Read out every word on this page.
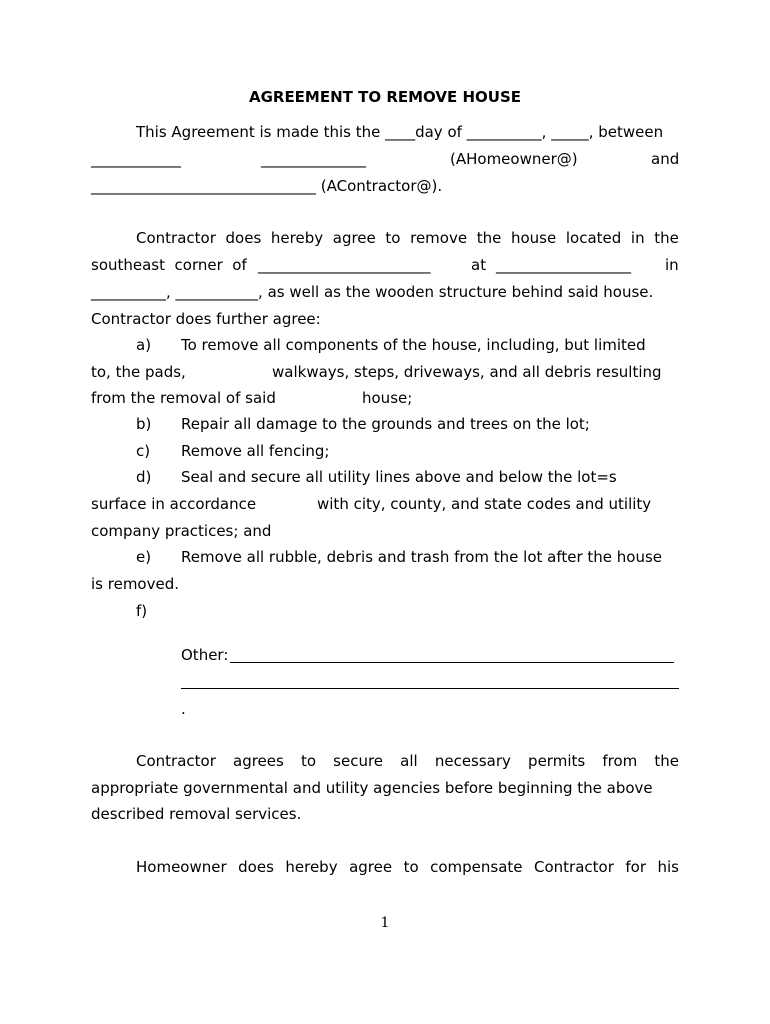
AGREEMENT TO REMOVE HOUSE
This Agreement is made this the ____day of __________, _____, between
____________	______________	(AHomeowner@)	and
______________________________ (AContractor@).
Contractor does hereby agree to remove the house located in the
southeast  corner  of _______________________	at __________________ in
__________, ___________, as well as the wooden structure behind said house.
Contractor does further agree:
a) To remove all components of the house, including, but limited
to, the pads,	walkways, steps, driveways, and all debris resulting
from the removal of said	house;
b) Repair all damage to the grounds and trees on the lot;
c) Remove all fencing;
d) Seal and secure all utility lines above and below the lot=s
surface in accordance	with city, county, and state codes and utility
company practices; and
e) Remove all rubble, debris and trash from the lot after the house
is removed.
f)
Other:
.
Contractor agrees to secure all necessary permits from the
appropriate governmental and utility agencies before beginning the above
described removal services.
Homeowner does hereby agree to compensate Contractor for his
1
